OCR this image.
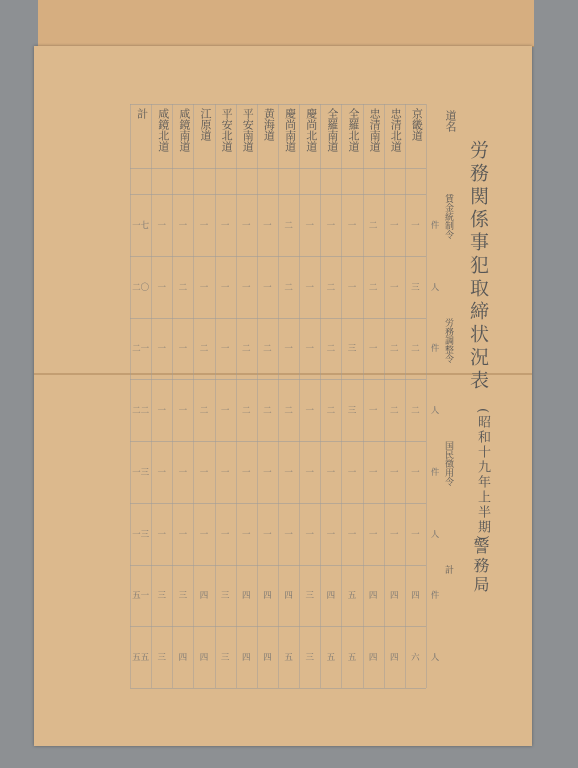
労務関係事犯取締状況表
(昭和十九年上半期)
警務局
京畿道
一
三
二
二
一
一
四
六
忠清北道
一
一
二
二
一
一
四
四
忠清南道
二
二
一
一
一
一
四
四
全羅北道
一
一
三
三
一
一
五
五
全羅南道
一
二
二
二
一
一
四
五
慶尚北道
一
一
一
一
一
一
三
三
慶尚南道
二
二
一
二
一
一
四
五
黄海道
一
一
二
二
一
一
四
四
平安南道
一
一
二
二
一
一
四
四
平安北道
一
一
一
一
一
一
三
三
江原道
一
一
二
二
一
一
四
四
咸鏡南道
一
二
一
一
一
一
三
四
咸鏡北道
一
一
一
一
一
一
三
三
計
一七
二〇
二一
二二
一三
一三
五一
五五
件
人
賃金統制令
件
人
労務調整令
件
人
国民徴用令
件
人
計
道名
